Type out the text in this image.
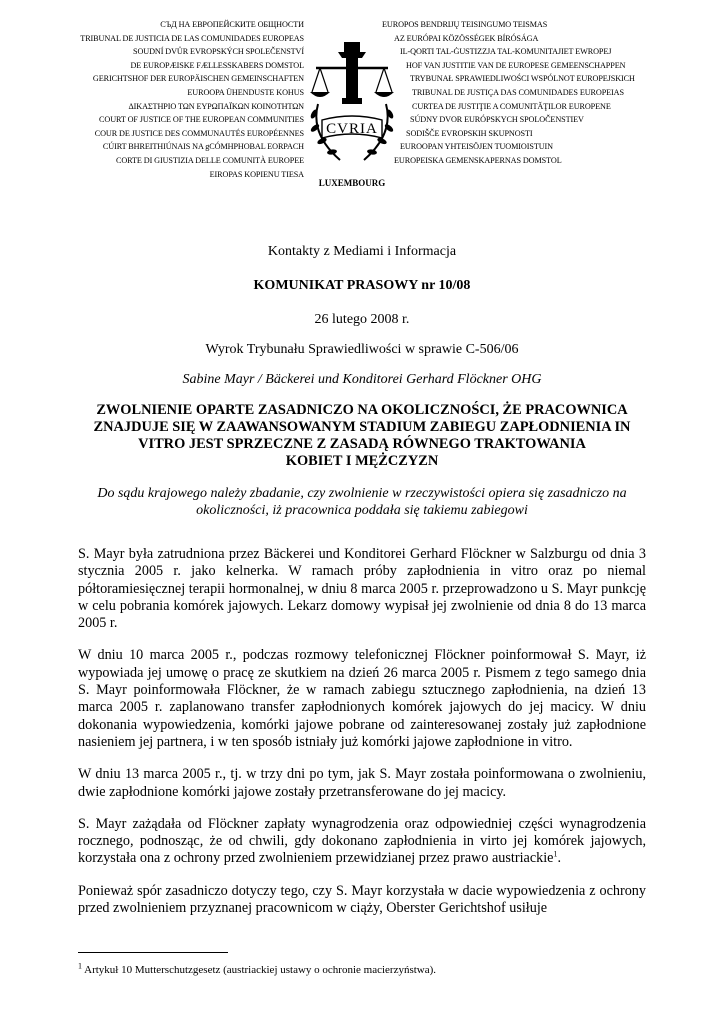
СЪД НА ЕВРОПЕЙСКИТЕ ОБЩНОСТИ
TRIBUNAL DE JUSTICIA DE LAS COMUNIDADES EUROPEAS
SOUDNÍ DVŮR EVROPSKÝCH SPOLEČENSTVÍ
DE EUROPÆISKE FÆLLESSKABERS DOMSTOL
GERICHTSHOF DER EUROPÄISCHEN GEMEINSCHAFTEN
EUROOPA ÜHENDUSTE KOHUS
ΔΙΚΑΣΤΗΡΙΟ ΤΩΝ ΕΥΡΩΠΑΪΚΩΝ ΚΟΙΝΟΤΗΤΩΝ
COURT OF JUSTICE OF THE EUROPEAN COMMUNITIES
COUR DE JUSTICE DES COMMUNAUTÉS EUROPÉENNES
CÚIRT BHREITHIÚNAIS NA gCÓMHPHOBAL EORPACH
CORTE DI GIUSTIZIA DELLE COMUNITÀ EUROPEE
EIROPAS KOPIENU TIESA
CVRIA
LUXEMBOURG
EUROPOS BENDRIJŲ TEISINGUMO TEISMAS
AZ EURÓPAI KÖZÖSSÉGEK BÍRÓSÁGA
IL-QORTI TAL-ĠUSTIZZJA TAL-KOMUNITAJIET EWROPEJ
HOF VAN JUSTITIE VAN DE EUROPESE GEMEENSCHAPPEN
TRYBUNAŁ SPRAWIEDLIWOŚCI WSPÓLNOT EUROPEJSKICH
TRIBUNAL DE JUSTIÇA DAS COMUNIDADES EUROPEIAS
CURTEA DE JUSTIŢIE A COMUNITĂŢILOR EUROPENE
SÚDNY DVOR EURÓPSKYCH SPOLOČENSTIEV
SODIŠČE EVROPSKIH SKUPNOSTI
EUROOPAN YHTEISÖJEN TUOMIOISTUIN
EUROPEISKA GEMENSKAPERNAS DOMSTOL
Kontakty z Mediami i Informacja
KOMUNIKAT PRASOWY nr 10/08
26 lutego 2008 r.
Wyrok Trybunału Sprawiedliwości w sprawie C-506/06
Sabine Mayr / Bäckerei und Konditorei Gerhard Flöckner OHG
ZWOLNIENIE OPARTE ZASADNICZO NA OKOLICZNOŚCI, ŻE PRACOWNICA
ZNAJDUJE SIĘ W ZAAWANSOWANYM STADIUM ZABIEGU ZAPŁODNIENIA IN
VITRO JEST SPRZECZNE Z ZASADĄ RÓWNEGO TRAKTOWANIA
KOBIET I MĘŻCZYZN
Do sądu krajowego należy zbadanie, czy zwolnienie w rzeczywistości opiera się zasadniczo na
okoliczności, iż pracownica poddała się takiemu zabiegowi

S. Mayr była zatrudniona przez Bäckerei und Konditorei Gerhard Flöckner w Salzburgu od dnia 3 stycznia 2005 r. jako kelnerka. W ramach próby zapłodnienia in vitro oraz po niemal półtoramiesięcznej terapii hormonalnej, w dniu 8 marca 2005 r. przeprowadzono u S. Mayr punkcję w celu pobrania komórek jajowych. Lekarz domowy wypisał jej zwolnienie od dnia 8 do 13 marca 2005 r.

W dniu 10 marca 2005 r., podczas rozmowy telefonicznej Flöckner poinformował S. Mayr, iż wypowiada jej umowę o pracę ze skutkiem na dzień 26 marca 2005 r. Pismem z tego samego dnia S. Mayr poinformowała Flöckner, że w ramach zabiegu sztucznego zapłodnienia, na dzień 13 marca 2005 r. zaplanowano transfer zapłodnionych komórek jajowych do jej macicy. W dniu dokonania wypowiedzenia, komórki jajowe pobrane od zainteresowanej zostały już zapłodnione nasieniem jej partnera, i w ten sposób istniały już komórki jajowe zapłodnione in vitro.

W dniu 13 marca 2005 r., tj. w trzy dni po tym, jak S. Mayr została poinformowana o zwolnieniu, dwie zapłodnione komórki jajowe zostały przetransferowane do jej macicy.

S. Mayr zażądała od Flöckner zapłaty wynagrodzenia oraz odpowiedniej części wynagrodzenia rocznego, podnosząc, że od chwili, gdy dokonano zapłodnienia in virto jej komórek jajowych, korzystała ona z ochrony przed zwolnieniem przewidzianej przez prawo austriackie$^1$.

Ponieważ spór zasadniczo dotyczy tego, czy S. Mayr korzystała w dacie wypowiedzenia z ochrony przed zwolnieniem przyznanej pracownicom w ciąży, Oberster Gerichtshof usiłuje

$^1$ Artykuł 10 Mutterschutzgesetz (austriackiej ustawy o ochronie macierzyństwa).
